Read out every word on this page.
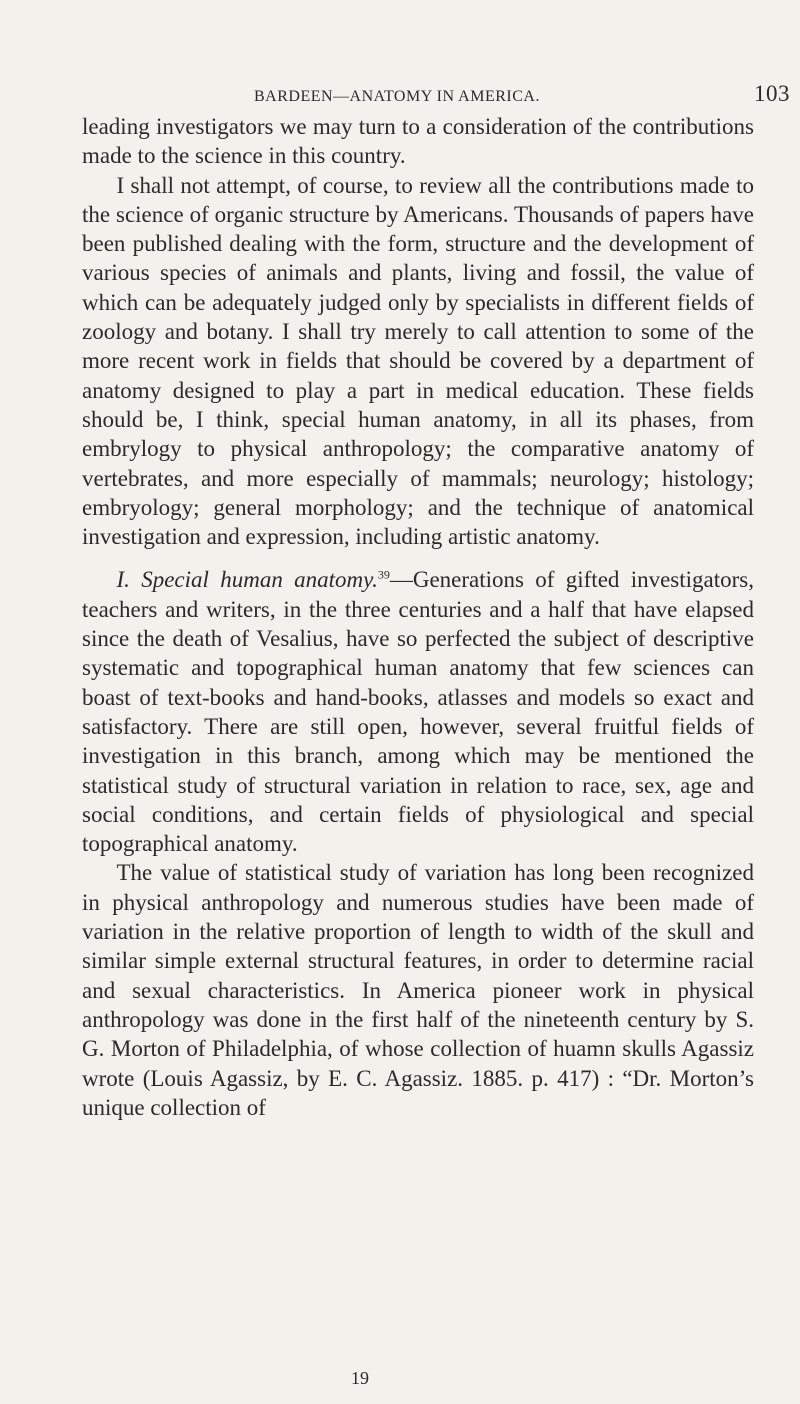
BARDEEN—ANATOMY IN AMERICA.	103

leading investigators we may turn to a consideration of the contributions made to the science in this country.

I shall not attempt, of course, to review all the contributions made to the science of organic structure by Americans. Thousands of papers have been published dealing with the form, structure and the development of various species of animals and plants, living and fossil, the value of which can be adequately judged only by specialists in different fields of zoology and botany. I shall try merely to call attention to some of the more recent work in fields that should be covered by a department of anatomy designed to play a part in medical education. These fields should be, I think, special human anatomy, in all its phases, from embrylogy to physical anthropology; the comparative anatomy of vertebrates, and more especially of mammals; neurology; histology; embryology; general morphology; and the technique of anatomical investigation and expression, including artistic anatomy.

I. Special human anatomy.$^{39}$—Generations of gifted investigators, teachers and writers, in the three centuries and a half that have elapsed since the death of Vesalius, have so perfected the subject of descriptive systematic and topographical human anatomy that few sciences can boast of text-books and hand-books, atlasses and models so exact and satisfactory. There are still open, however, several fruitful fields of investigation in this branch, among which may be mentioned the statistical study of structural variation in relation to race, sex, age and social conditions, and certain fields of physiological and special topographical anatomy.

The value of statistical study of variation has long been recognized in physical anthropology and numerous studies have been made of variation in the relative proportion of length to width of the skull and similar simple external structural features, in order to determine racial and sexual characteristics. In America pioneer work in physical anthropology was done in the first half of the nineteenth century by S. G. Morton of Philadelphia, of whose collection of huamn skulls Agassiz wrote (Louis Agassiz, by E. C. Agassiz. 1885. p. 417) : “Dr. Morton’s unique collection of

19
